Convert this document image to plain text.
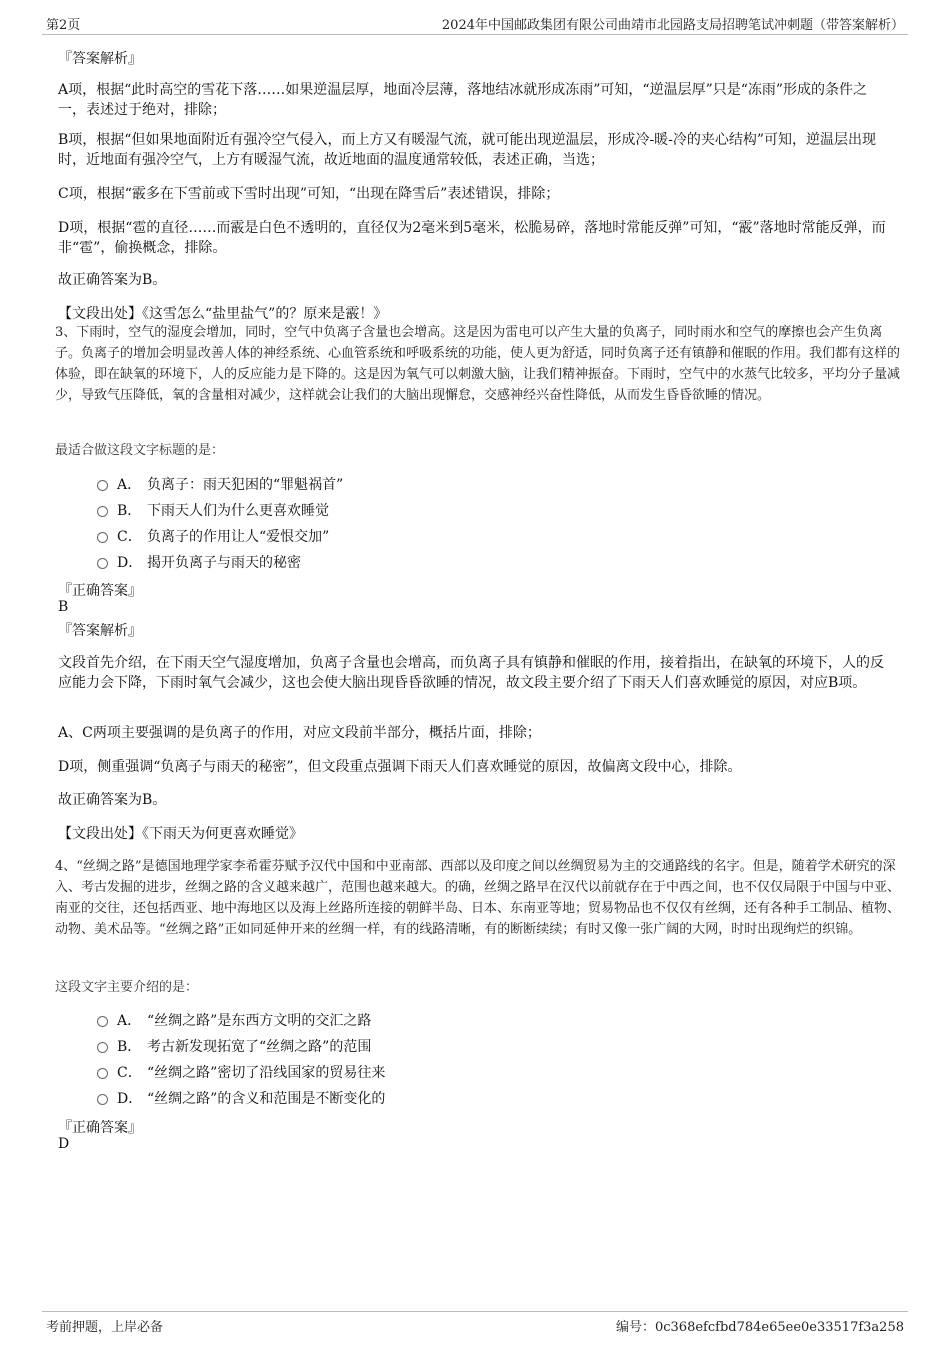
第2页	2024年中国邮政集团有限公司曲靖市北园路支局招聘笔试冲刺题（带答案解析）
『答案解析』
A项，根据“此时高空的雪花下落……如果逆温层厚，地面冷层薄，落地结冰就形成冻雨”可知，“逆温层厚”只是“冻雨”形成的条件之一，表述过于绝对，排除；
B项，根据“但如果地面附近有强冷空气侵入，而上方又有暖湿气流，就可能出现逆温层，形成冷-暖-冷的夹心结构”可知，逆温层出现时，近地面有强冷空气，上方有暖湿气流，故近地面的温度通常较低，表述正确，当选；
C项，根据“霰多在下雪前或下雪时出现”可知，“出现在降雪后”表述错误，排除；
D项，根据“雹的直径……而霰是白色不透明的，直径仅为2毫米到5毫米，松脆易碎，落地时常能反弹”可知，“霰”落地时常能反弹，而非“雹”，偷换概念，排除。
故正确答案为B。
【文段出处】《这雪怎么“盐里盐气”的？原来是霰！》
3、下雨时，空气的湿度会增加，同时，空气中负离子含量也会增高。这是因为雷电可以产生大量的负离子，同时雨水和空气的摩擦也会产生负离子。负离子的增加会明显改善人体的神经系统、心血管系统和呼吸系统的功能，使人更为舒适，同时负离子还有镇静和催眠的作用。我们都有这样的体验，即在缺氧的环境下，人的反应能力是下降的。这是因为氧气可以刺激大脑，让我们精神振奋。下雨时，空气中的水蒸气比较多，平均分子量减少，导致气压降低，氧的含量相对减少，这样就会让我们的大脑出现懈怠，交感神经兴奋性降低，从而发生昏昏欲睡的情况。
最适合做这段文字标题的是：
A． 负离子：雨天犯困的“罪魁祸首”
B． 下雨天人们为什么更喜欢睡觉
C． 负离子的作用让人“爱恨交加”
D． 揭开负离子与雨天的秘密
『正确答案』
B
『答案解析』
文段首先介绍，在下雨天空气湿度增加，负离子含量也会增高，而负离子具有镇静和催眠的作用，接着指出，在缺氧的环境下，人的反应能力会下降，下雨时氧气会减少，这也会使大脑出现昏昏欲睡的情况，故文段主要介绍了下雨天人们喜欢睡觉的原因，对应B项。
A、C两项主要强调的是负离子的作用，对应文段前半部分，概括片面，排除；
D项，侧重强调“负离子与雨天的秘密”，但文段重点强调下雨天人们喜欢睡觉的原因，故偏离文段中心，排除。
故正确答案为B。
【文段出处】《下雨天为何更喜欢睡觉》
4、“丝绸之路”是德国地理学家李希霍芬赋予汉代中国和中亚南部、西部以及印度之间以丝绸贸易为主的交通路线的名字。但是，随着学术研究的深入、考古发掘的进步，丝绸之路的含义越来越广，范围也越来越大。的确，丝绸之路早在汉代以前就存在于中西之间，也不仅仅局限于中国与中亚、南亚的交往，还包括西亚、地中海地区以及海上丝路所连接的朝鲜半岛、日本、东南亚等地；贸易物品也不仅仅有丝绸，还有各种手工制品、植物、动物、美术品等。“丝绸之路”正如同延伸开来的丝绸一样，有的线路清晰，有的断断续续；有时又像一张广阔的大网，时时出现绚烂的织锦。
这段文字主要介绍的是：
A． “丝绸之路”是东西方文明的交汇之路
B． 考古新发现拓宽了“丝绸之路”的范围
C． “丝绸之路”密切了沿线国家的贸易往来
D． “丝绸之路”的含义和范围是不断变化的
『正确答案』
D
考前押题，上岸必备	编号：0c368efcfbd784e65ee0e33517f3a258
